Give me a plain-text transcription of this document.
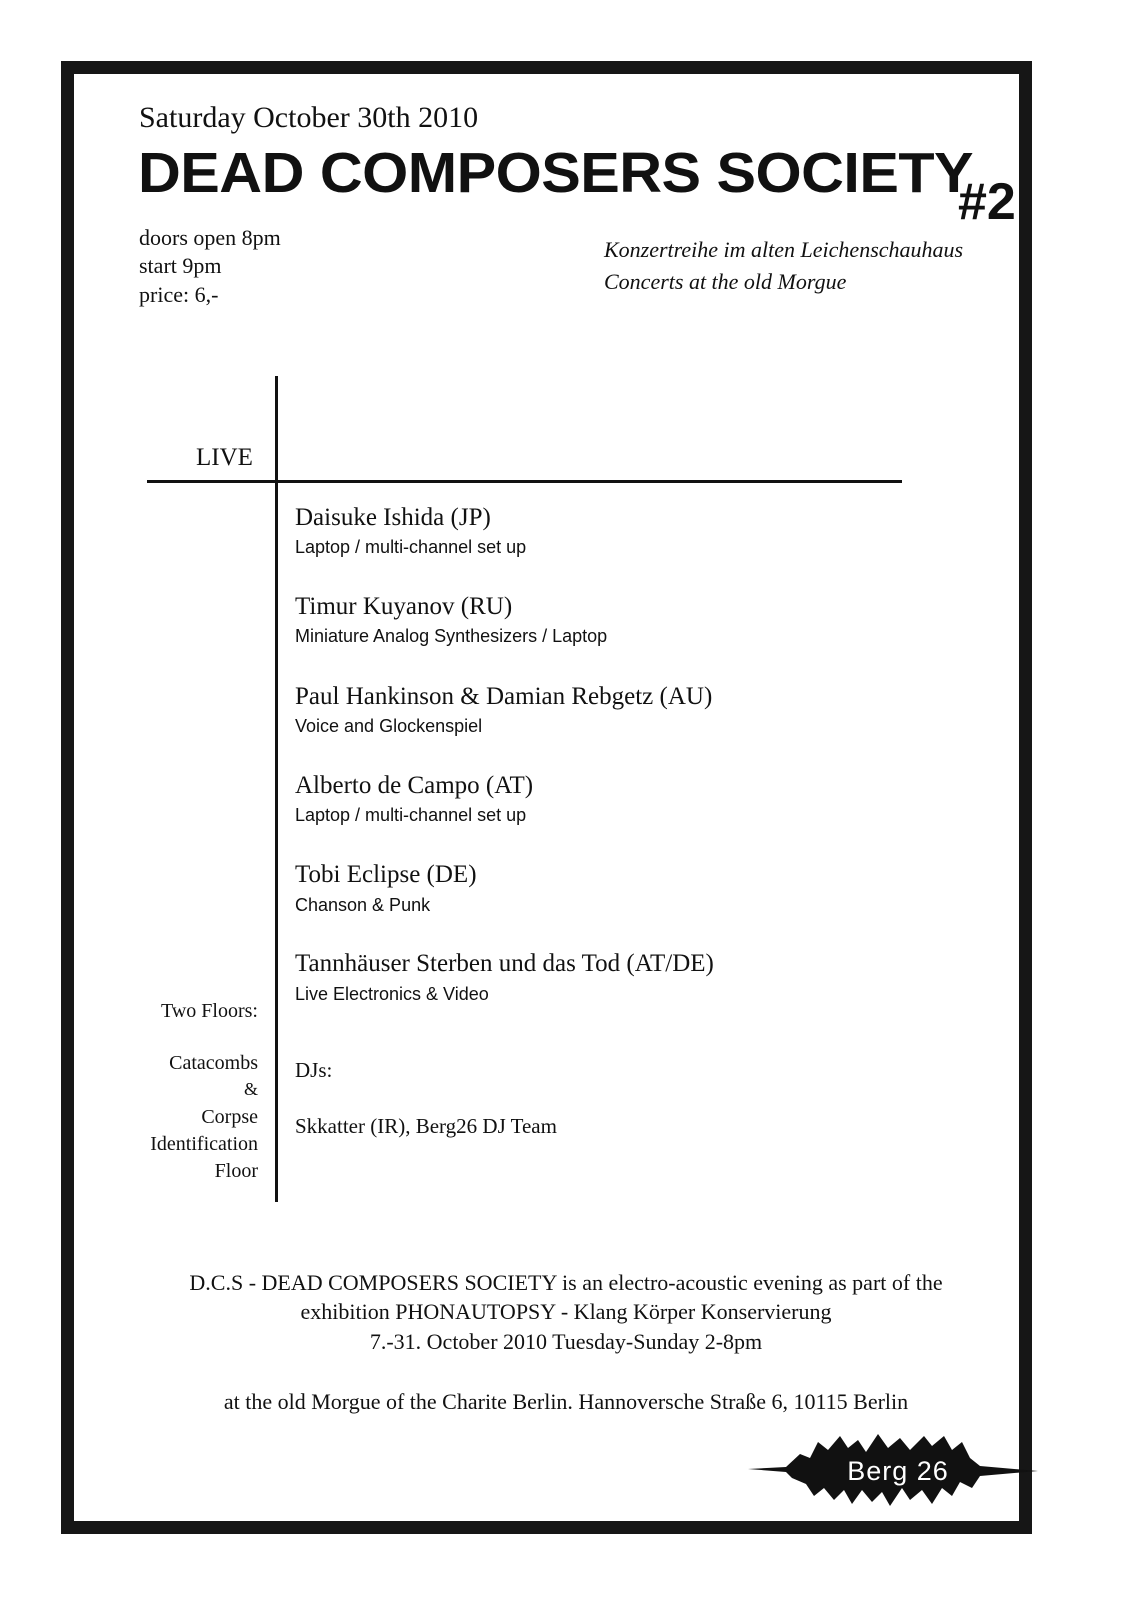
Saturday October 30th 2010
DEAD COMPOSERS SOCIETY
#2
doors open 8pm
start 9pm
price: 6,-
Konzertreihe im alten Leichenschauhaus
Concerts at the old Morgue
LIVE
Daisuke Ishida (JP)
Laptop / multi-channel set up
Timur Kuyanov (RU)
Miniature Analog Synthesizers / Laptop
Paul Hankinson & Damian Rebgetz (AU)
Voice and Glockenspiel
Alberto de Campo (AT)
Laptop / multi-channel set up
Tobi Eclipse (DE)
Chanson & Punk
Tannhäuser Sterben und das Tod (AT/DE)
Live Electronics & Video
Two Floors:
Catacombs
&
Corpse
Identification
Floor
DJs:
Skkatter (IR), Berg26 DJ Team
D.C.S - DEAD COMPOSERS SOCIETY is an electro-acoustic evening as part of the
exhibition PHONAUTOPSY - Klang Körper Konservierung
7.-31. October 2010 Tuesday-Sunday 2-8pm
at the old Morgue of the Charite Berlin. Hannoversche Straße 6, 10115 Berlin
Berg 26
